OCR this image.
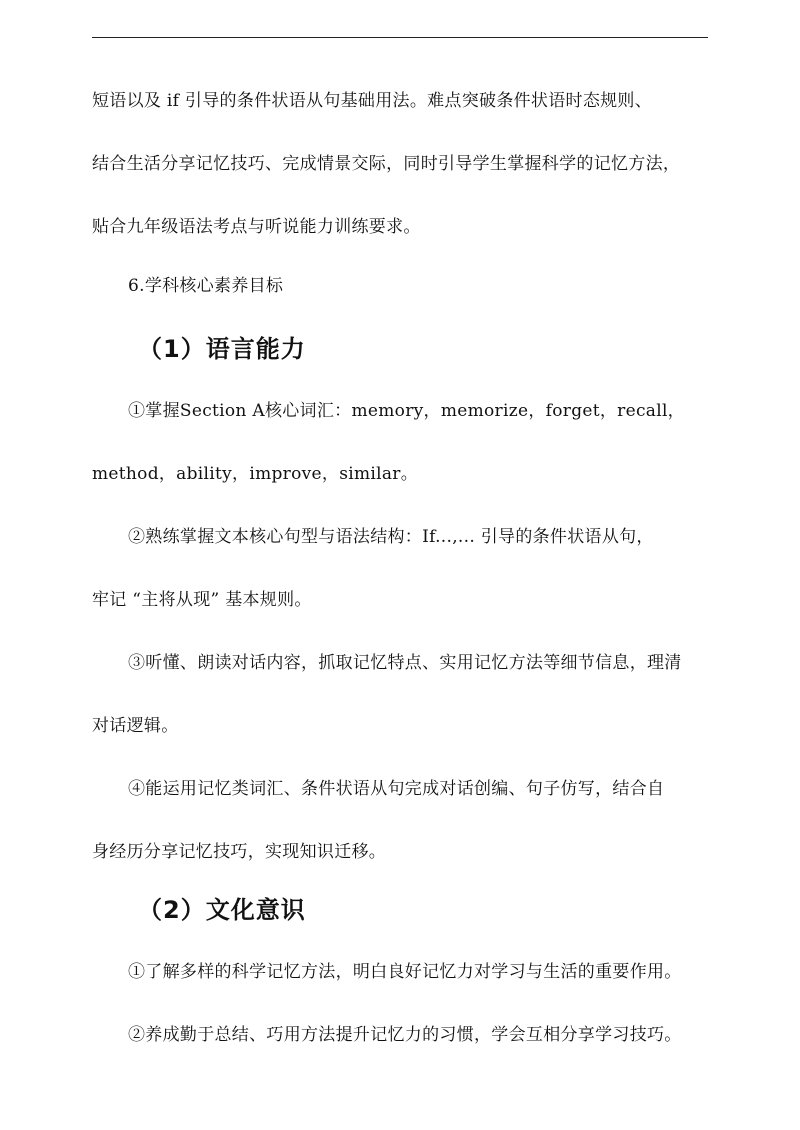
短语以及 if 引导的条件状语从句基础用法。难点突破条件状语时态规则、
结合生活分享记忆技巧、完成情景交际，同时引导学生掌握科学的记忆方法，
贴合九年级语法考点与听说能力训练要求。
6.学科核心素养目标
（1）语言能力
①掌握Section A核心词汇：memory，memorize，forget，recall，
method，ability，improve，similar。
②熟练掌握文本核心句型与语法结构：If...,... 引导的条件状语从句，
牢记 “主将从现” 基本规则。
③听懂、朗读对话内容，抓取记忆特点、实用记忆方法等细节信息，理清
对话逻辑。
④能运用记忆类词汇、条件状语从句完成对话创编、句子仿写，结合自
身经历分享记忆技巧，实现知识迁移。
（2）文化意识
①了解多样的科学记忆方法，明白良好记忆力对学习与生活的重要作用。
②养成勤于总结、巧用方法提升记忆力的习惯，学会互相分享学习技巧。
